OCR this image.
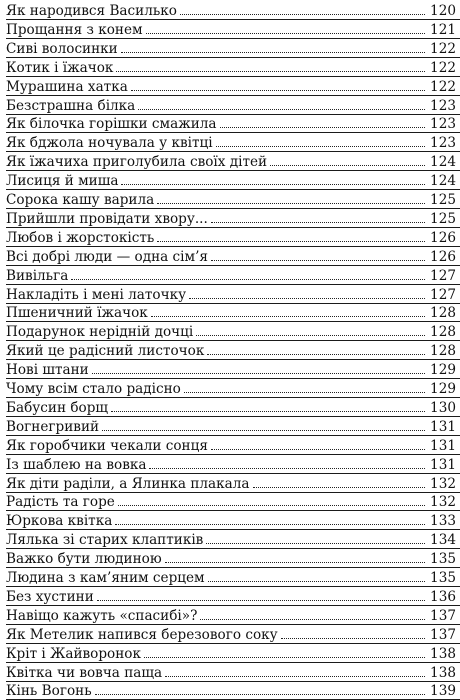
Як народився Василько	120
Прощання з конем	121
Сиві волосинки	122
Котик і їжачок	122
Мурашина хатка	122
Безстрашна білка	123
Як білочка горішки смажила	123
Як бджола ночувала у квітці	123
Як їжачиха приголубила своїх дітей	124
Лисиця й миша	124
Сорока кашу варила	125
Прийшли провідати хвору...	125
Любов і жорстокість	126
Всі добрі люди — одна сім’я	126
Вивільга	127
Накладіть і мені латочку	127
Пшеничний їжачок	128
Подарунок нерідній дочці	128
Який це радісний листочок	128
Нові штани	129
Чому всім стало радісно	129
Бабусин борщ	130
Вогнегривий	131
Як горобчики чекали сонця	131
Із шаблею на вовка	131
Як діти раділи, а Ялинка плакала	132
Радість та горе	132
Юркова квітка	133
Лялька зі старих клаптиків	134
Важко бути людиною	135
Людина з кам’яним серцем	135
Без хустини	136
Навіщо кажуть «спасибі»?	137
Як Метелик напився березового соку	137
Кріт і Жайворонок	138
Квітка чи вовча паща	138
Кінь Вогонь	139
